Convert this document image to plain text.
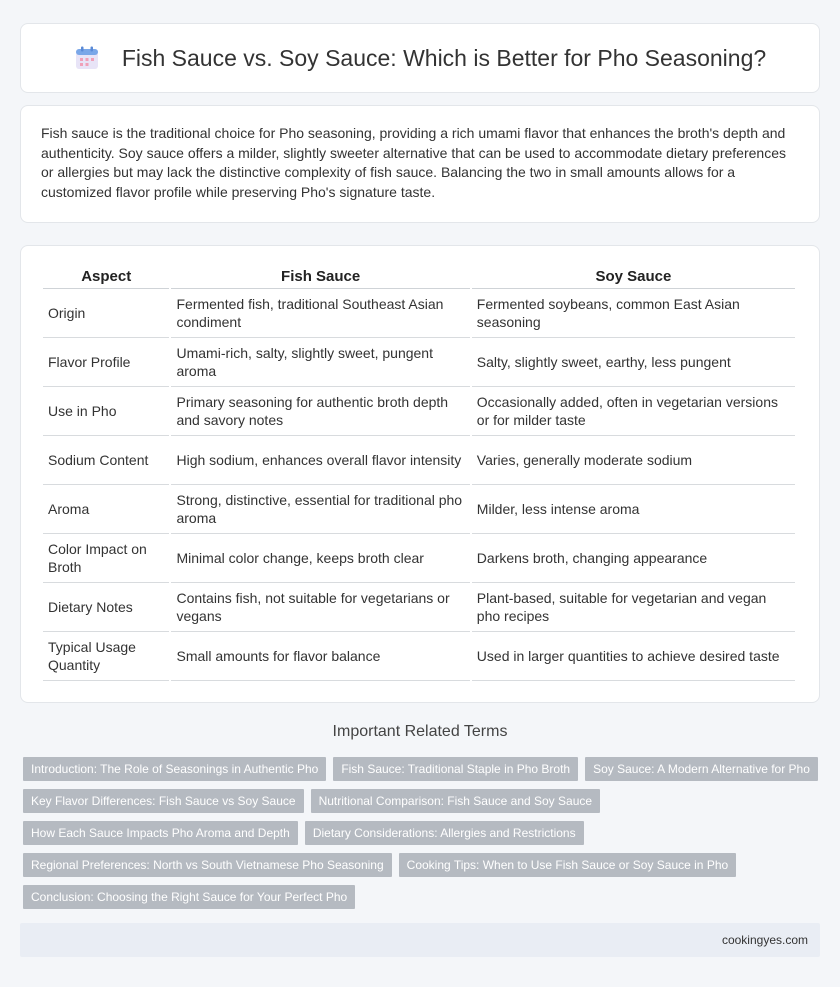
Fish Sauce vs. Soy Sauce: Which is Better for Pho Seasoning?

Fish sauce is the traditional choice for Pho seasoning, providing a rich umami flavor that enhances the broth's depth and authenticity. Soy sauce offers a milder, slightly sweeter alternative that can be used to accommodate dietary preferences or allergies but may lack the distinctive complexity of fish sauce. Balancing the two in small amounts allows for a customized flavor profile while preserving Pho's signature taste.

Aspect	Fish Sauce	Soy Sauce
Origin	Fermented fish, traditional Southeast Asian condiment	Fermented soybeans, common East Asian seasoning
Flavor Profile	Umami-rich, salty, slightly sweet, pungent aroma	Salty, slightly sweet, earthy, less pungent
Use in Pho	Primary seasoning for authentic broth depth and savory notes	Occasionally added, often in vegetarian versions or for milder taste
Sodium Content	High sodium, enhances overall flavor intensity	Varies, generally moderate sodium
Aroma	Strong, distinctive, essential for traditional pho aroma	Milder, less intense aroma
Color Impact on Broth	Minimal color change, keeps broth clear	Darkens broth, changing appearance
Dietary Notes	Contains fish, not suitable for vegetarians or vegans	Plant-based, suitable for vegetarian and vegan pho recipes
Typical Usage Quantity	Small amounts for flavor balance	Used in larger quantities to achieve desired taste
Important Related Terms
Introduction: The Role of Seasonings in Authentic Pho	Fish Sauce: Traditional Staple in Pho Broth	Soy Sauce: A Modern Alternative for Pho
Key Flavor Differences: Fish Sauce vs Soy Sauce	Nutritional Comparison: Fish Sauce and Soy Sauce
How Each Sauce Impacts Pho Aroma and Depth	Dietary Considerations: Allergies and Restrictions
Regional Preferences: North vs South Vietnamese Pho Seasoning	Cooking Tips: When to Use Fish Sauce or Soy Sauce in Pho
Conclusion: Choosing the Right Sauce for Your Perfect Pho
cookingyes.com
